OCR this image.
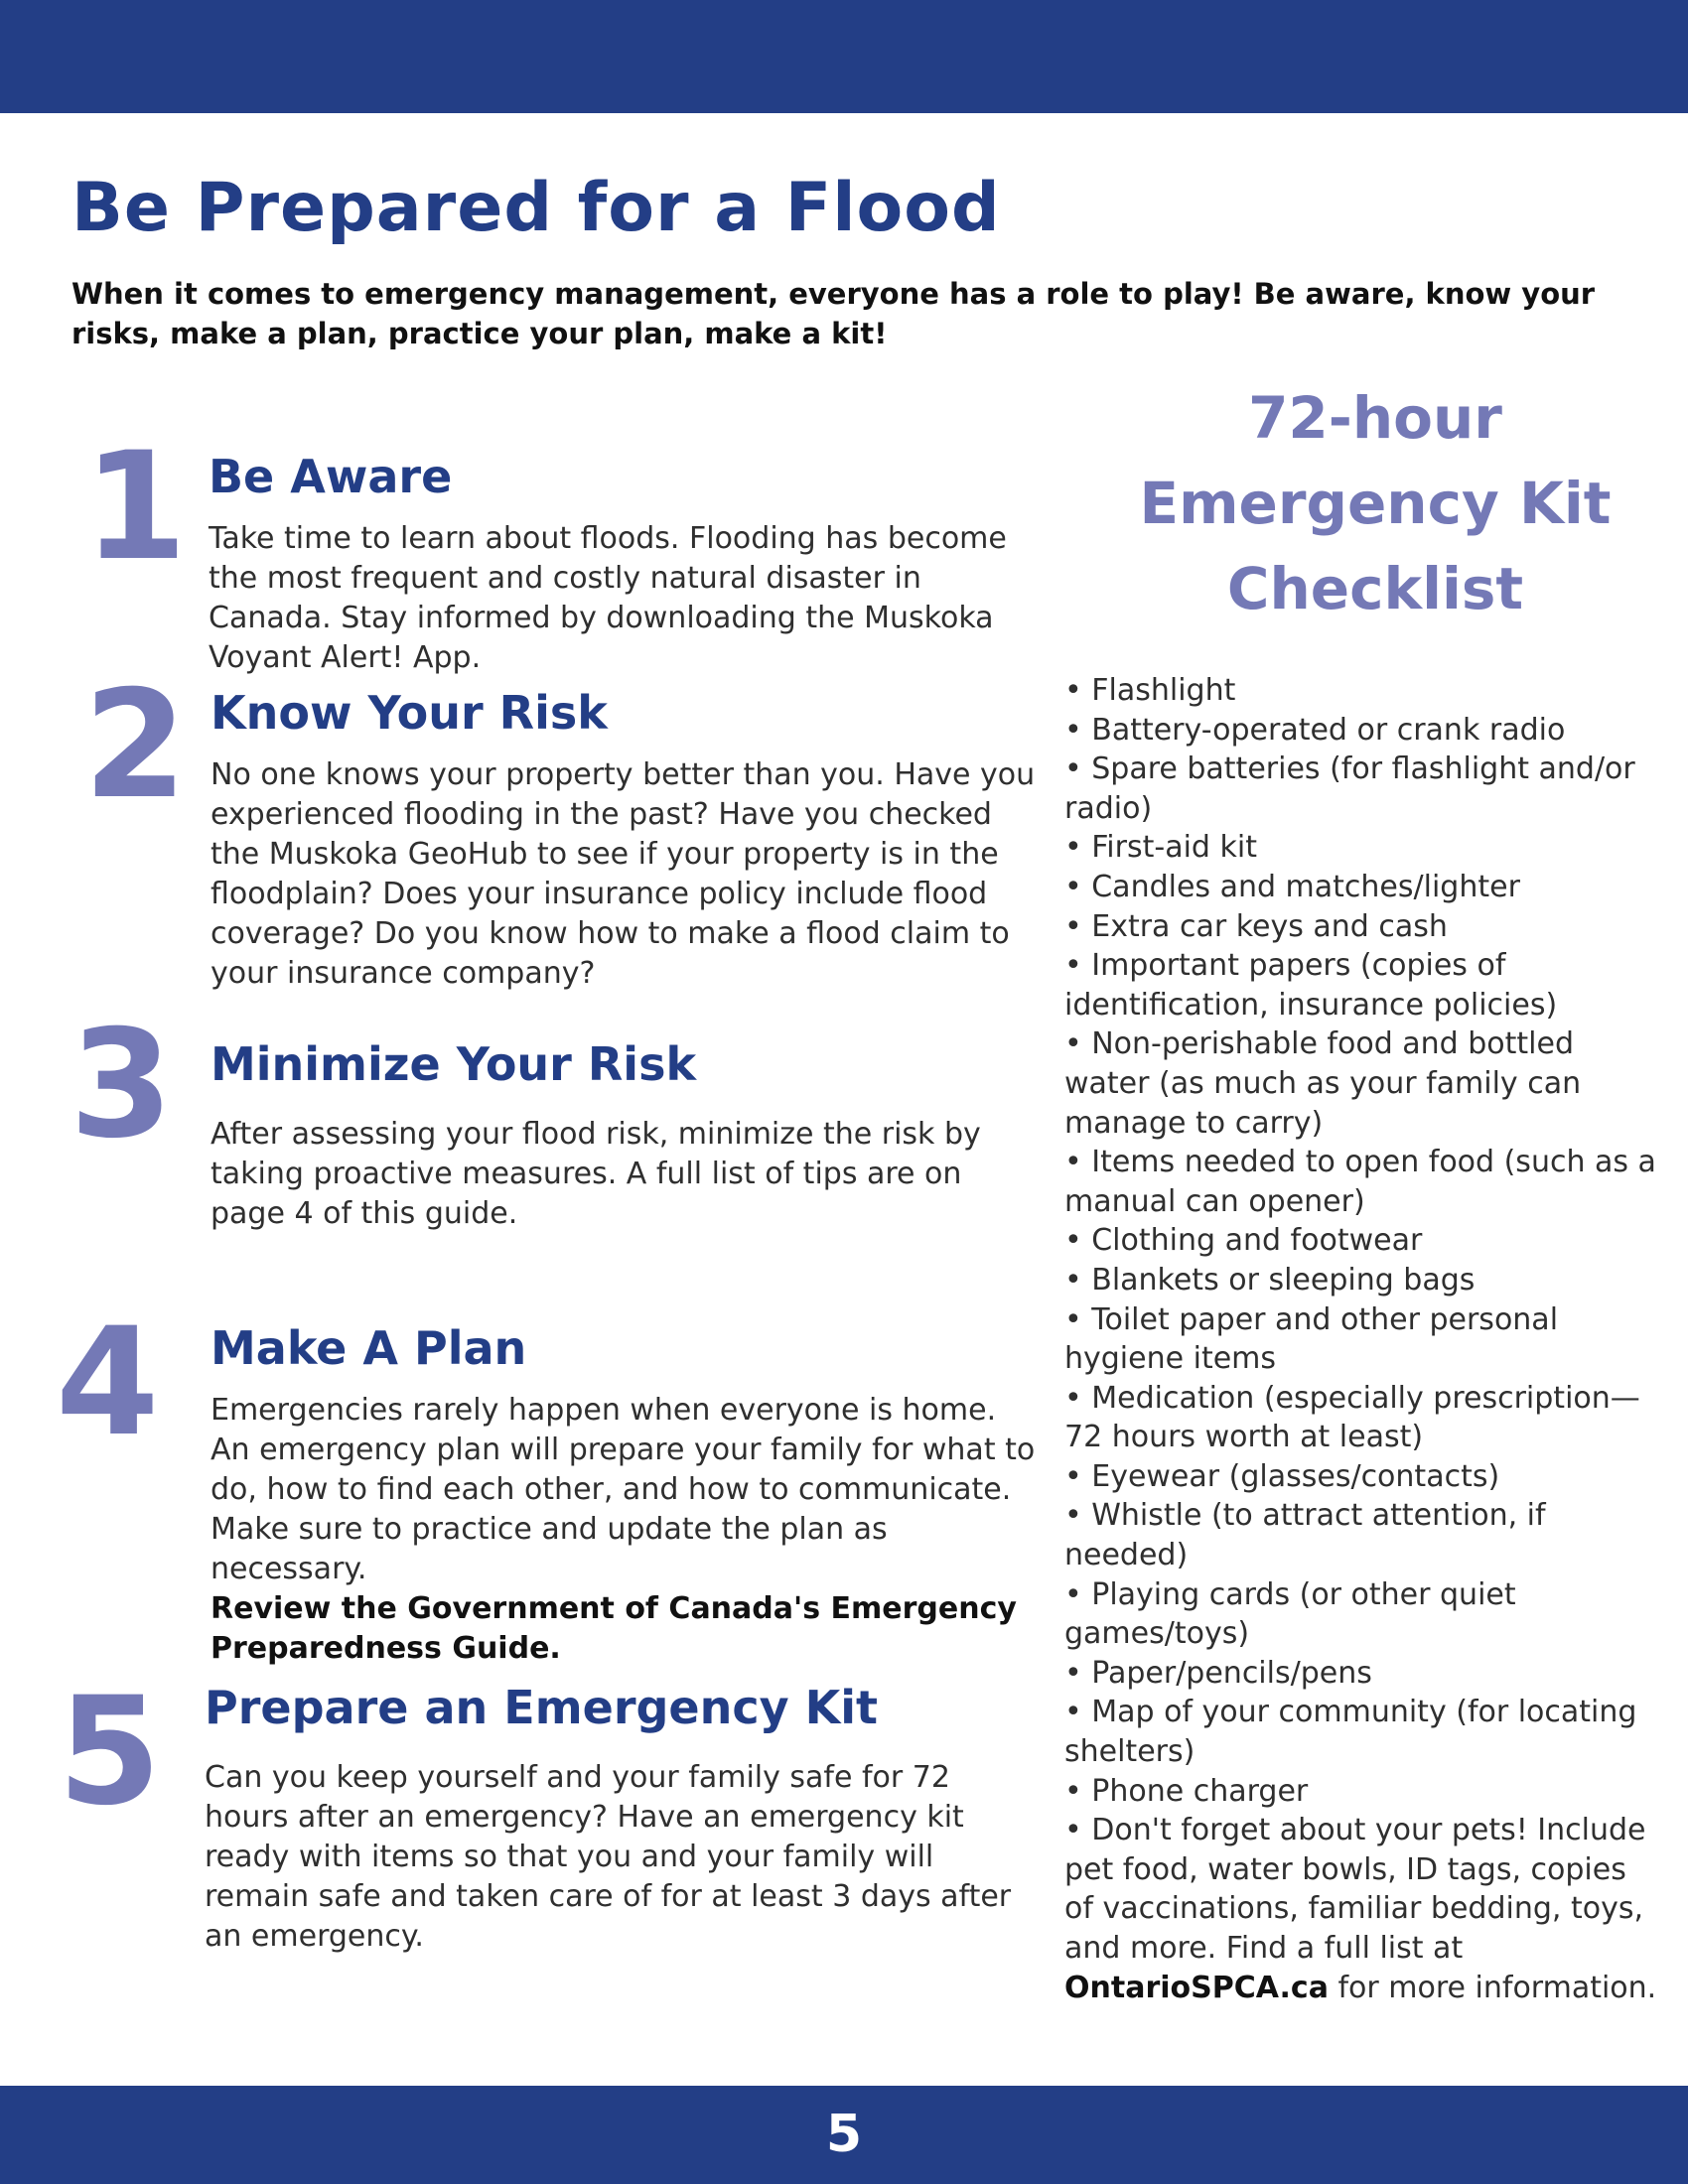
Be Prepared for a Flood

When it comes to emergency management, everyone has a role to play! Be aware, know your risks, make a plan, practice your plan, make a kit!

1 Be Aware

Take time to learn about floods. Flooding has become the most frequent and costly natural disaster in Canada. Stay informed by downloading the Muskoka Voyant Alert! App.

2 Know Your Risk

No one knows your property better than you. Have you experienced flooding in the past? Have you checked the Muskoka GeoHub to see if your property is in the floodplain? Does your insurance policy include flood coverage? Do you know how to make a flood claim to your insurance company?

3 Minimize Your Risk

After assessing your flood risk, minimize the risk by taking proactive measures. A full list of tips are on page 4 of this guide.

4 Make A Plan

Emergencies rarely happen when everyone is home. An emergency plan will prepare your family for what to do, how to find each other, and how to communicate. Make sure to practice and update the plan as necessary.
Review the Government of Canada's Emergency Preparedness Guide.

5 Prepare an Emergency Kit

Can you keep yourself and your family safe for 72 hours after an emergency? Have an emergency kit ready with items so that you and your family will remain safe and taken care of for at least 3 days after an emergency.

72-hour
Emergency Kit
Checklist
• Flashlight
• Battery-operated or crank radio
• Spare batteries (for flashlight and/or radio)
• First-aid kit
• Candles and matches/lighter
• Extra car keys and cash
• Important papers (copies of identification, insurance policies)
• Non-perishable food and bottled water (as much as your family can manage to carry)
• Items needed to open food (such as a manual can opener)
• Clothing and footwear
• Blankets or sleeping bags
• Toilet paper and other personal hygiene items
• Medication (especially prescription—72 hours worth at least)
• Eyewear (glasses/contacts)
• Whistle (to attract attention, if needed)
• Playing cards (or other quiet games/toys)
• Paper/pencils/pens
• Map of your community (for locating shelters)
• Phone charger
• Don't forget about your pets! Include pet food, water bowls, ID tags, copies of vaccinations, familiar bedding, toys, and more. Find a full list at OntarioSPCA.ca for more information.
5
